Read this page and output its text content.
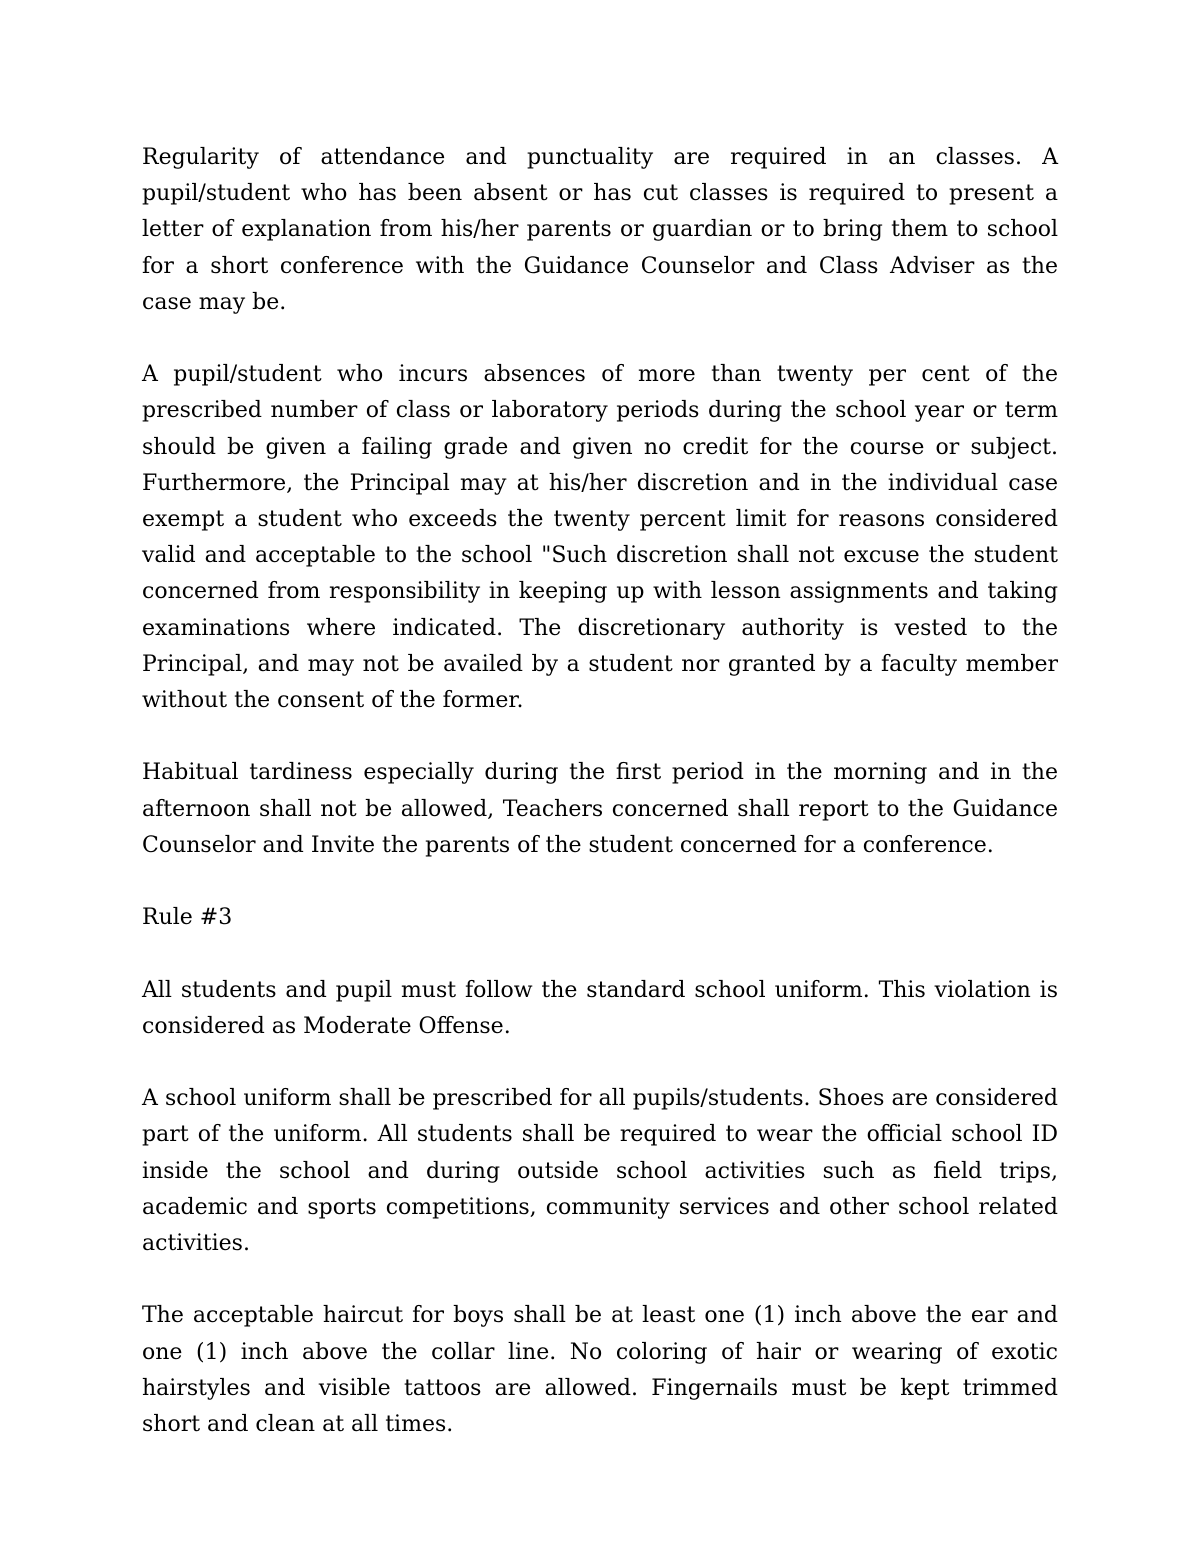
Regularity of attendance and punctuality are required in an classes. A pupil/student who has been absent or has cut classes is required to present a letter of explanation from his/her parents or guardian or to bring them to school for a short conference with the Guidance Counselor and Class Adviser as the case may be.

A pupil/student who incurs absences of more than twenty per cent of the prescribed number of class or laboratory periods during the school year or term should be given a failing grade and given no credit for the course or subject. Furthermore, the Principal may at his/her discretion and in the individual case exempt a student who exceeds the twenty percent limit for reasons considered valid and acceptable to the school "Such discretion shall not excuse the student concerned from responsibility in keeping up with lesson assignments and taking examinations where indicated. The discretionary authority is vested to the Principal, and may not be availed by a student nor granted by a faculty member without the consent of the former.

Habitual tardiness especially during the first period in the morning and in the afternoon shall not be allowed, Teachers concerned shall report to the Guidance Counselor and Invite the parents of the student concerned for a conference.

Rule #3

All students and pupil must follow the standard school uniform. This violation is considered as Moderate Offense.

A school uniform shall be prescribed for all pupils/students. Shoes are considered part of the uniform. All students shall be required to wear the official school ID inside the school and during outside school activities such as field trips, academic and sports competitions, community services and other school related activities.

The acceptable haircut for boys shall be at least one (1) inch above the ear and one (1) inch above the collar line. No coloring of hair or wearing of exotic hairstyles and visible tattoos are allowed. Fingernails must be kept trimmed short and clean at all times.
